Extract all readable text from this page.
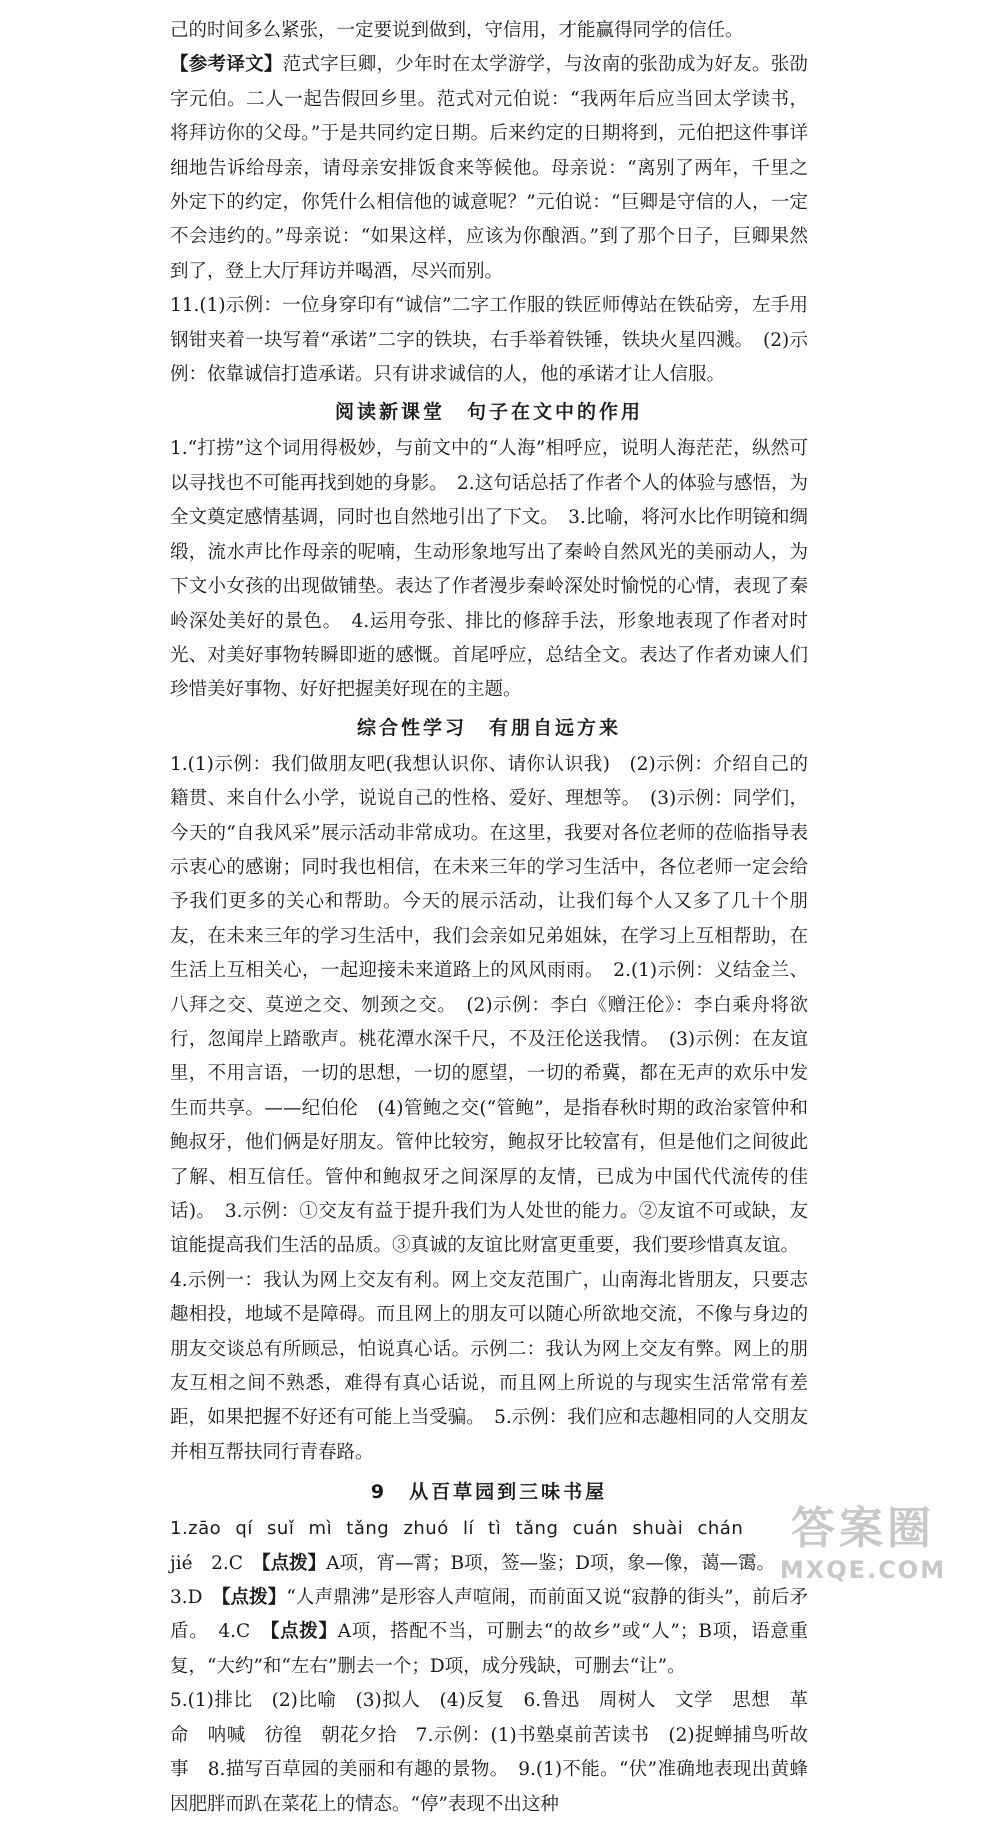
己的时间多么紧张，一定要说到做到，守信用，才能赢得同学的信任。

【参考译文】范式字巨卿，少年时在太学游学，与汝南的张劭成为好友。张劭字元伯。二人一起告假回乡里。范式对元伯说：“我两年后应当回太学读书，将拜访你的父母。”于是共同约定日期。后来约定的日期将到，元伯把这件事详细地告诉给母亲，请母亲安排饭食来等候他。母亲说：“离别了两年，千里之外定下的约定，你凭什么相信他的诚意呢？”元伯说：“巨卿是守信的人，一定不会违约的。”母亲说：“如果这样，应该为你酿酒。”到了那个日子，巨卿果然到了，登上大厅拜访并喝酒，尽兴而别。

11.(1)示例：一位身穿印有“诚信”二字工作服的铁匠师傅站在铁砧旁，左手用钢钳夹着一块写着“承诺”二字的铁块，右手举着铁锤，铁块火星四溅。　(2)示例：依靠诚信打造承诺。只有讲求诚信的人，他的承诺才让人信服。

阅读新课堂　句子在文中的作用

1.“打捞”这个词用得极妙，与前文中的“人海”相呼应，说明人海茫茫，纵然可以寻找也不可能再找到她的身影。　2.这句话总括了作者个人的体验与感悟，为全文奠定感情基调，同时也自然地引出了下文。　3.比喻，将河水比作明镜和绸缎，流水声比作母亲的呢喃，生动形象地写出了秦岭自然风光的美丽动人，为下文小女孩的出现做铺垫。表达了作者漫步秦岭深处时愉悦的心情，表现了秦岭深处美好的景色。　4.运用夸张、排比的修辞手法，形象地表现了作者对时光、对美好事物转瞬即逝的感慨。首尾呼应，总结全文。表达了作者劝谏人们珍惜美好事物、好好把握美好现在的主题。

综合性学习　有朋自远方来

1.(1)示例：我们做朋友吧(我想认识你、请你认识我)　(2)示例：介绍自己的籍贯、来自什么小学，说说自己的性格、爱好、理想等。　(3)示例：同学们，今天的“自我风采”展示活动非常成功。在这里，我要对各位老师的莅临指导表示衷心的感谢；同时我也相信，在未来三年的学习生活中，各位老师一定会给予我们更多的关心和帮助。今天的展示活动，让我们每个人又多了几十个朋友，在未来三年的学习生活中，我们会亲如兄弟姐妹，在学习上互相帮助，在生活上互相关心，一起迎接未来道路上的风风雨雨。　2.(1)示例：义结金兰、八拜之交、莫逆之交、刎颈之交。　(2)示例：李白《赠汪伦》：李白乘舟将欲行，忽闻岸上踏歌声。桃花潭水深千尺，不及汪伦送我情。　(3)示例：在友谊里，不用言语，一切的思想，一切的愿望，一切的希冀，都在无声的欢乐中发生而共享。——纪伯伦　(4)管鲍之交(“管鲍”，是指春秋时期的政治家管仲和鲍叔牙，他们俩是好朋友。管仲比较穷，鲍叔牙比较富有，但是他们之间彼此了解、相互信任。管仲和鲍叔牙之间深厚的友情，已成为中国代代流传的佳话)。　3.示例：①交友有益于提升我们为人处世的能力。②友谊不可或缺，友谊能提高我们生活的品质。③真诚的友谊比财富更重要，我们要珍惜真友谊。

4.示例一：我认为网上交友有利。网上交友范围广，山南海北皆朋友，只要志趣相投，地域不是障碍。而且网上的朋友可以随心所欲地交流，不像与身边的朋友交谈总有所顾忌，怕说真心话。示例二：我认为网上交友有弊。网上的朋友互相之间不熟悉，难得有真心话说，而且网上所说的与现实生活常常有差距，如果把握不好还有可能上当受骗。　5.示例：我们应和志趣相同的人交朋友并相互帮扶同行青春路。

9　从百草园到三味书屋

1.zāo qí suǐ mì tǎng zhuó lí tì tǎng cuán shuài chán

jié　2.C　【点拨】A项，宵—霄；B项，签—鉴；D项，象—像，蔼—霭。

3.D　【点拨】“人声鼎沸”是形容人声喧闹，而前面又说“寂静的街头”，前后矛盾。　4.C　【点拨】A项，搭配不当，可删去“的故乡”或“人”；B项，语意重复，“大约”和“左右”删去一个；D项，成分残缺，可删去“让”。

5.(1)排比　(2)比喻　(3)拟人　(4)反复　6.鲁迅　周树人　文学　思想　革命　呐喊　彷徨　朝花夕拾　7.示例：(1)书塾桌前苦读书　(2)捉蝉捕鸟听故事　8.描写百草园的美丽和有趣的景物。　9.(1)不能。“伏”准确地表现出黄蜂因肥胖而趴在菜花上的情态。“停”表现不出这种

答案圈
MXQE.COM
